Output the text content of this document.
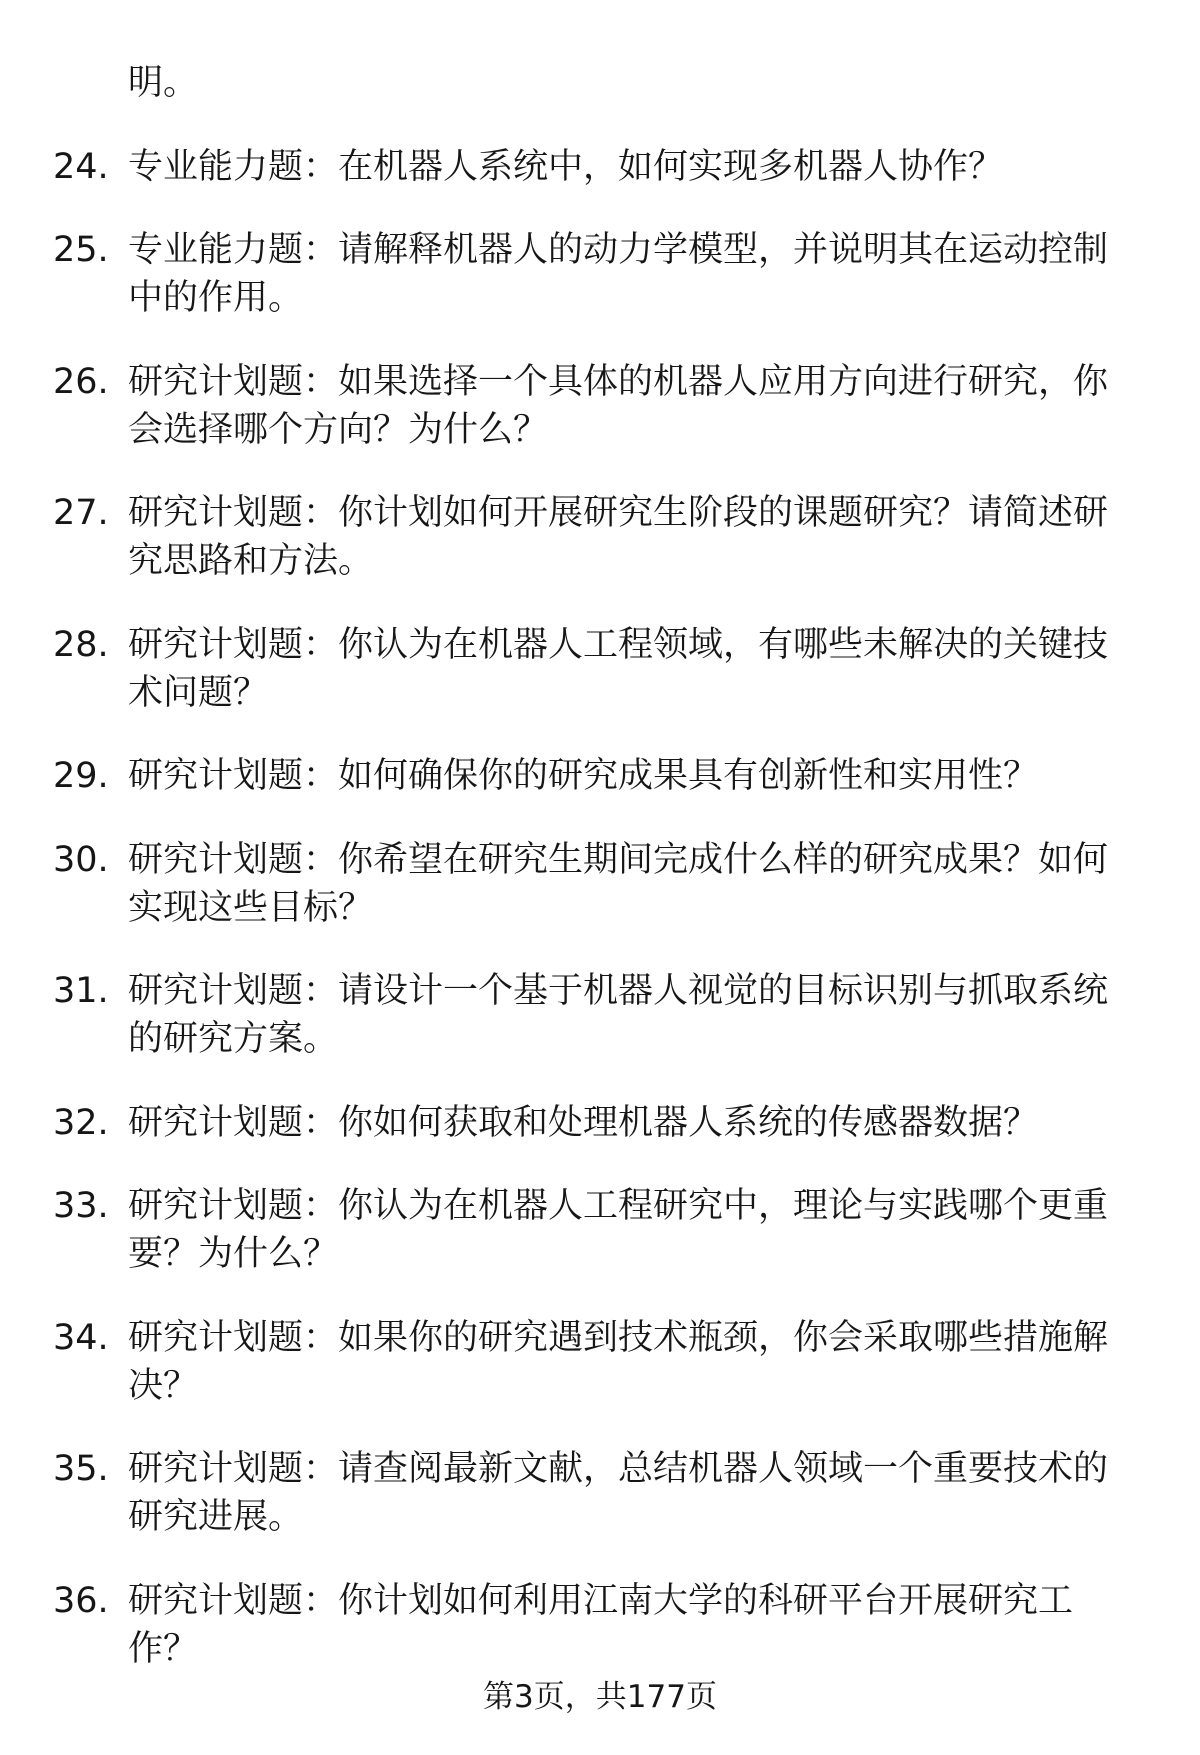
明。
24. 专业能力题：在机器人系统中，如何实现多机器人协作？
25. 专业能力题：请解释机器人的动力学模型，并说明其在运动控制
中的作用。
26. 研究计划题：如果选择一个具体的机器人应用方向进行研究，你
会选择哪个方向？为什么？
27. 研究计划题：你计划如何开展研究生阶段的课题研究？请简述研
究思路和方法。
28. 研究计划题：你认为在机器人工程领域，有哪些未解决的关键技
术问题？
29. 研究计划题：如何确保你的研究成果具有创新性和实用性？
30. 研究计划题：你希望在研究生期间完成什么样的研究成果？如何
实现这些目标？
31. 研究计划题：请设计一个基于机器人视觉的目标识别与抓取系统
的研究方案。
32. 研究计划题：你如何获取和处理机器人系统的传感器数据？
33. 研究计划题：你认为在机器人工程研究中，理论与实践哪个更重
要？为什么？
34. 研究计划题：如果你的研究遇到技术瓶颈，你会采取哪些措施解
决？
35. 研究计划题：请查阅最新文献，总结机器人领域一个重要技术的
研究进展。
36. 研究计划题：你计划如何利用江南大学的科研平台开展研究工
作？
第3页，共177页
